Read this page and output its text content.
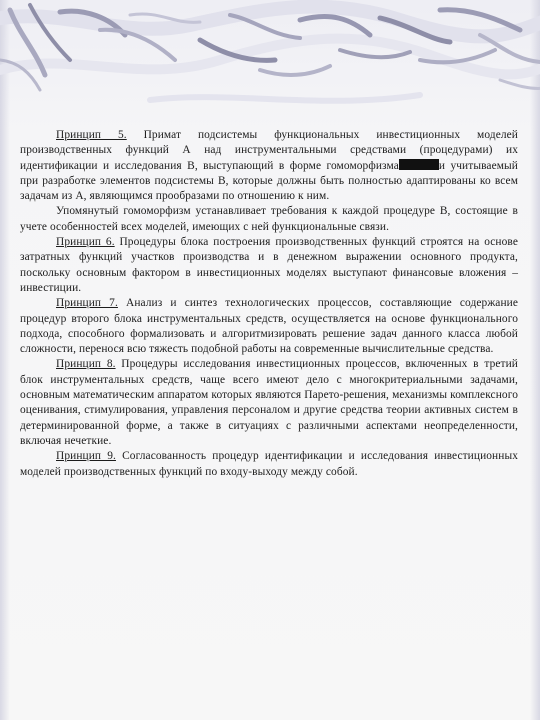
Принцип 5. Примат подсистемы функциональных инвестиционных моделей производственных функций А над инструментальными средствами (процедурами) их идентификации и исследования В, выступающий в форме гомоморфизма	и учитываемый при разработке элементов подсистемы В, которые должны быть полностью адаптированы ко всем задачам из А, являющимся прообразами по отношению к ним.

Упомянутый гомоморфизм устанавливает требования к каждой процедуре В, состоящие в учете особенностей всех моделей, имеющих с ней функциональные связи.

Принцип 6. Процедуры блока построения производственных функций строятся на основе затратных функций участков производства и в денежном выражении основного продукта, поскольку основным фактором в инвестиционных моделях выступают финансовые вложения – инвестиции.

Принцип 7. Анализ и синтез технологических процессов, составляющие содержание процедур второго блока инструментальных средств, осуществляется на основе функционального подхода, способного формализовать и алгоритмизировать решение задач данного класса любой сложности, перенося всю тяжесть подобной работы на современные вычислительные средства.

Принцип 8. Процедуры исследования инвестиционных процессов, включенных в третий блок инструментальных средств, чаще всего имеют дело с многокритериальными задачами, основным математическим аппаратом которых являются Парето-решения, механизмы комплексного оценивания, стимулирования, управления персоналом и другие средства теории активных систем в детерминированной форме, а также в ситуациях с различными аспектами неопределенности, включая нечеткие.

Принцип 9. Согласованность процедур идентификации и исследования инвестиционных моделей производственных функций по входу-выходу между собой.
